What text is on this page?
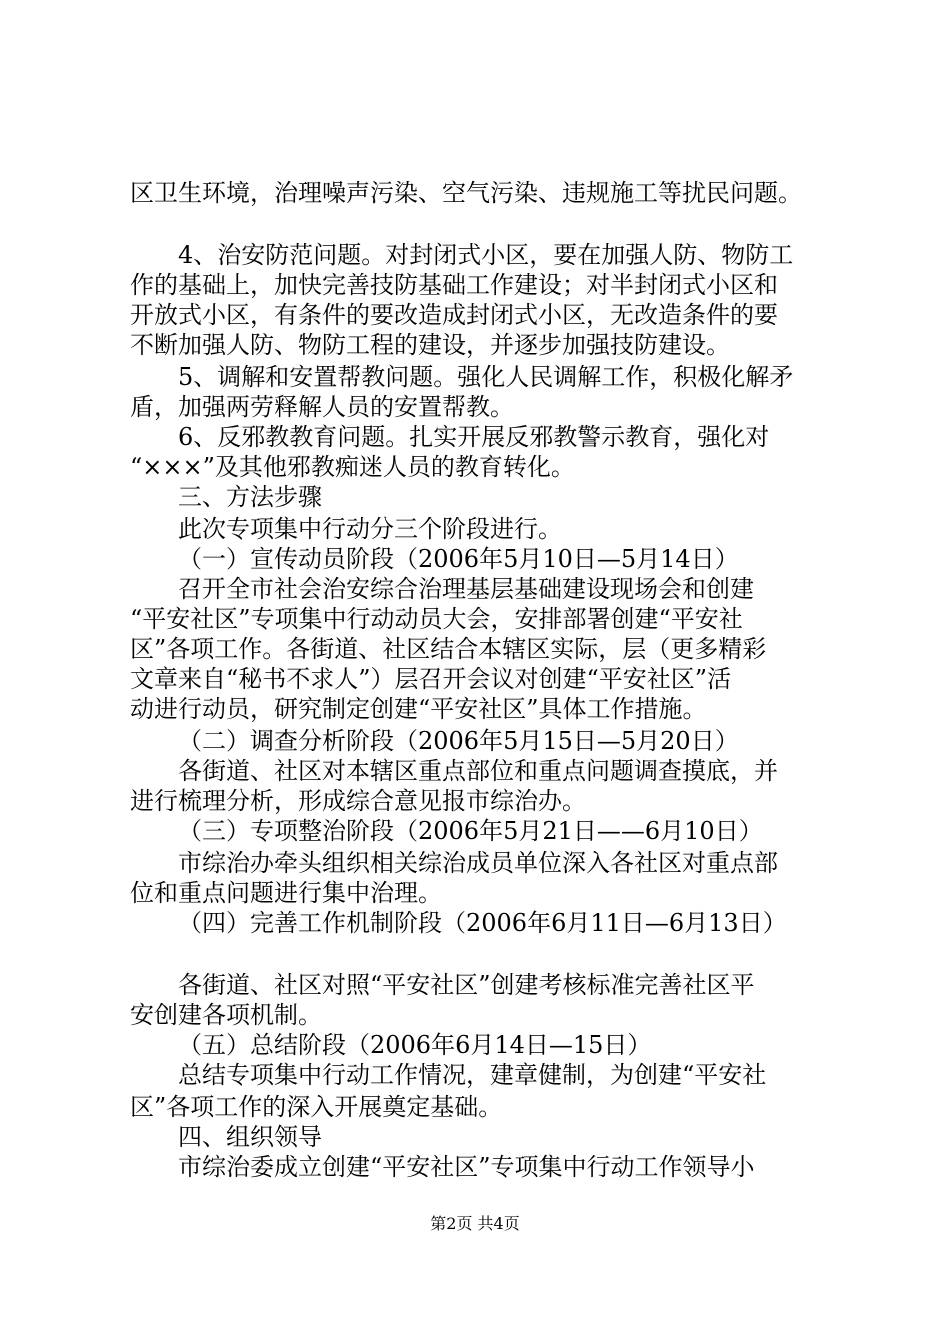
区卫生环境，治理噪声污染、空气污染、违规施工等扰民问题。
4、治安防范问题。对封闭式小区，要在加强人防、物防工
作的基础上，加快完善技防基础工作建设；对半封闭式小区和
开放式小区，有条件的要改造成封闭式小区，无改造条件的要
不断加强人防、物防工程的建设，并逐步加强技防建设。
5、调解和安置帮教问题。强化人民调解工作，积极化解矛
盾，加强两劳释解人员的安置帮教。
6、反邪教教育问题。扎实开展反邪教警示教育，强化对
“×××”及其他邪教痴迷人员的教育转化。
三、方法步骤
此次专项集中行动分三个阶段进行。
（一）宣传动员阶段（2006年5月10日—5月14日）
召开全市社会治安综合治理基层基础建设现场会和创建
“平安社区”专项集中行动动员大会，安排部署创建“平安社
区”各项工作。各街道、社区结合本辖区实际，层（更多精彩
文章来自“秘书不求人”）层召开会议对创建“平安社区”活
动进行动员，研究制定创建“平安社区”具体工作措施。
（二）调查分析阶段（2006年5月15日—5月20日）
各街道、社区对本辖区重点部位和重点问题调查摸底，并
进行梳理分析，形成综合意见报市综治办。
（三）专项整治阶段（2006年5月21日——6月10日）
市综治办牵头组织相关综治成员单位深入各社区对重点部
位和重点问题进行集中治理。
（四）完善工作机制阶段（2006年6月11日—6月13日）
各街道、社区对照“平安社区”创建考核标准完善社区平
安创建各项机制。
（五）总结阶段（2006年6月14日—15日）
总结专项集中行动工作情况，建章健制，为创建“平安社
区”各项工作的深入开展奠定基础。
四、组织领导
市综治委成立创建“平安社区”专项集中行动工作领导小
第2页 共4页
